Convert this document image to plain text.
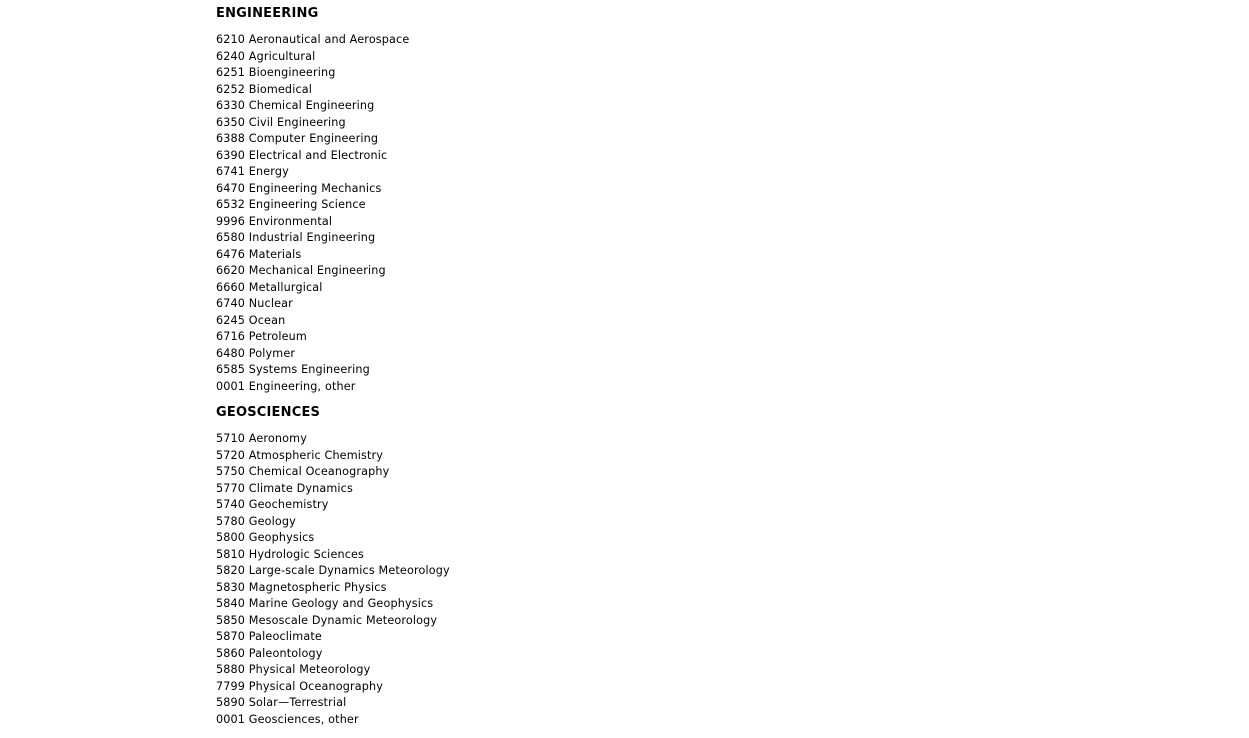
ENGINEERING
6210 Aeronautical and Aerospace
6240 Agricultural
6251 Bioengineering
6252 Biomedical
6330 Chemical Engineering
6350 Civil Engineering
6388 Computer Engineering
6390 Electrical and Electronic
6741 Energy
6470 Engineering Mechanics
6532 Engineering Science
9996 Environmental
6580 Industrial Engineering
6476 Materials
6620 Mechanical Engineering
6660 Metallurgical
6740 Nuclear
6245 Ocean
6716 Petroleum
6480 Polymer
6585 Systems Engineering
0001 Engineering, other
GEOSCIENCES
5710 Aeronomy
5720 Atmospheric Chemistry
5750 Chemical Oceanography
5770 Climate Dynamics
5740 Geochemistry
5780 Geology
5800 Geophysics
5810 Hydrologic Sciences
5820 Large-scale Dynamics Meteorology
5830 Magnetospheric Physics
5840 Marine Geology and Geophysics
5850 Mesoscale Dynamic Meteorology
5870 Paleoclimate
5860 Paleontology
5880 Physical Meteorology
7799 Physical Oceanography
5890 Solar—Terrestrial
0001 Geosciences, other
